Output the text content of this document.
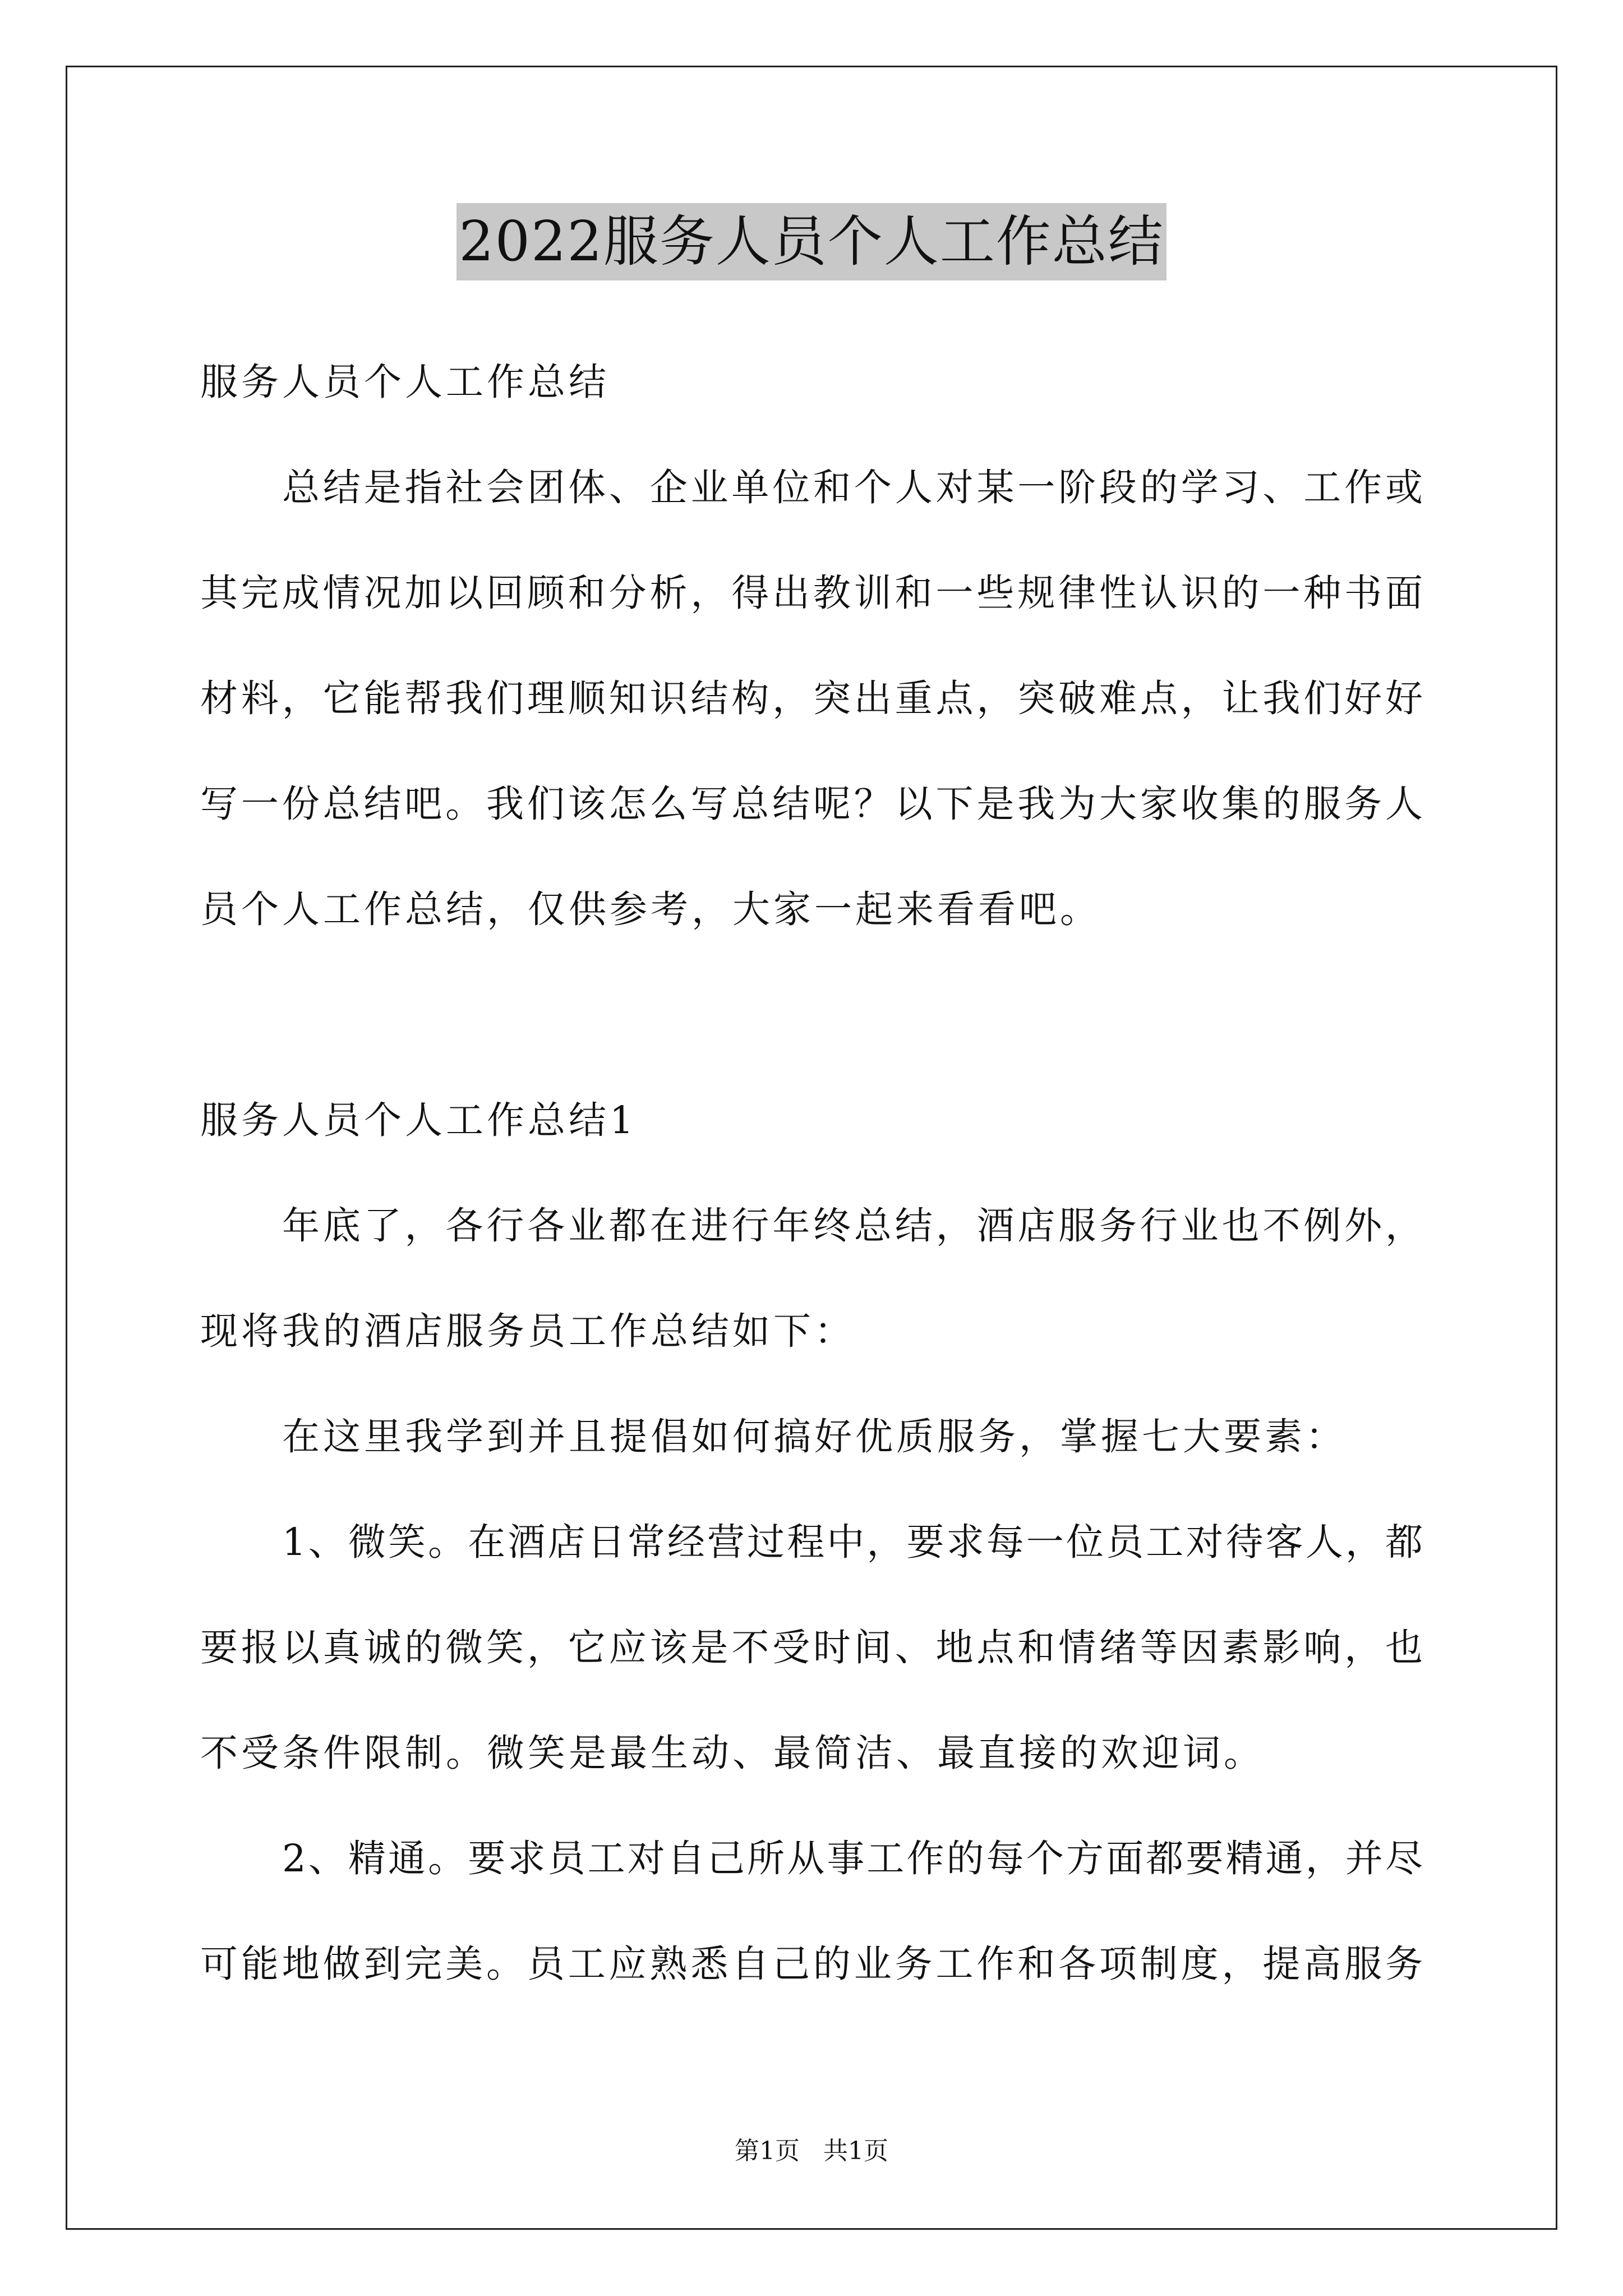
2022服务人员个人工作总结
服务人员个人工作总结
总结是指社会团体、企业单位和个人对某一阶段的学习、工作或
其完成情况加以回顾和分析，得出教训和一些规律性认识的一种书面
材料，它能帮我们理顺知识结构，突出重点，突破难点，让我们好好
写一份总结吧。我们该怎么写总结呢？以下是我为大家收集的服务人
员个人工作总结，仅供参考，大家一起来看看吧。
服务人员个人工作总结1
年底了，各行各业都在进行年终总结，酒店服务行业也不例外，
现将我的酒店服务员工作总结如下：
在这里我学到并且提倡如何搞好优质服务，掌握七大要素：
1、微笑。在酒店日常经营过程中，要求每一位员工对待客人，都
要报以真诚的微笑，它应该是不受时间、地点和情绪等因素影响，也
不受条件限制。微笑是最生动、最简洁、最直接的欢迎词。
2、精通。要求员工对自己所从事工作的每个方面都要精通，并尽
可能地做到完美。员工应熟悉自己的业务工作和各项制度，提高服务
第1页   共1页
